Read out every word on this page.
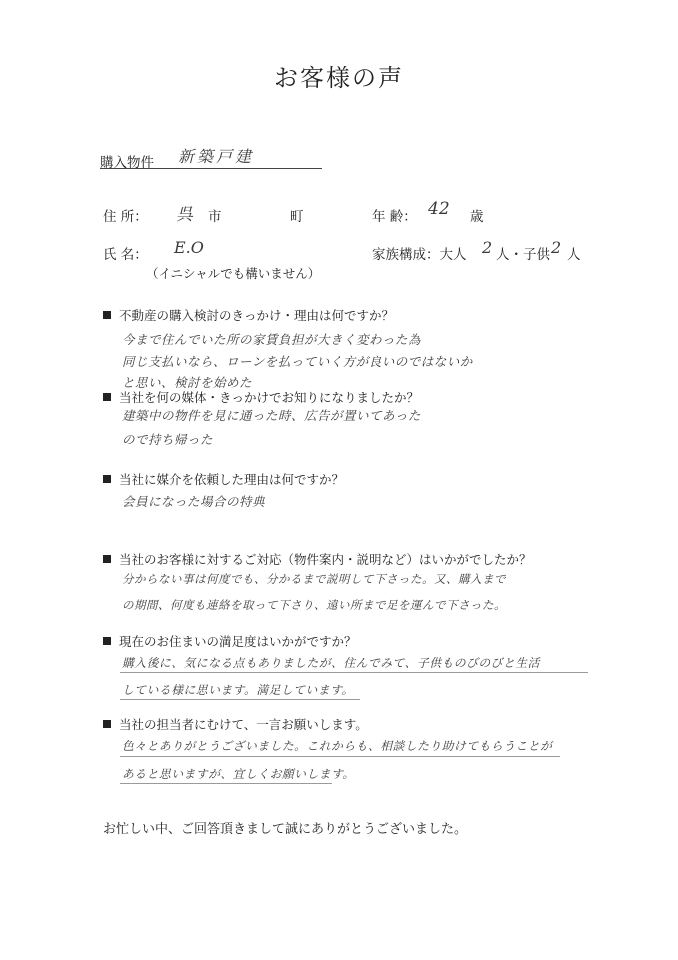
お客様の声
購入物件 新築戸建
住 所： 呉 市	町	年 齢： 42 歳
氏 名： E.O
（イニシャルでも構いません）
家族構成：大人 2 人・子供 2 人
不動産の購入検討のきっかけ・理由は何ですか？
今まで住んでいた所の家賃負担が大きく変わった為
同じ支払いなら、ローンを払っていく方が良いのではないか
と思い、検討を始めた
当社を何の媒体・きっかけでお知りになりましたか？
建築中の物件を見に通った時、広告が置いてあった
ので持ち帰った
当社に媒介を依頼した理由は何ですか？
会員になった場合の特典
当社のお客様に対するご対応（物件案内・説明など）はいかがでしたか？
分からない事は何度でも、分かるまで説明して下さった。又、購入まで
の期間、何度も連絡を取って下さり、遠い所まで足を運んで下さった。
現在のお住まいの満足度はいかがですか？
購入後に、気になる点もありましたが、住んでみて、子供ものびのびと生活
している様に思います。満足しています。
当社の担当者にむけて、一言お願いします。
色々とありがとうございました。これからも、相談したり助けてもらうことが
あると思いますが、宜しくお願いします。
お忙しい中、ご回答頂きまして誠にありがとうございました。
